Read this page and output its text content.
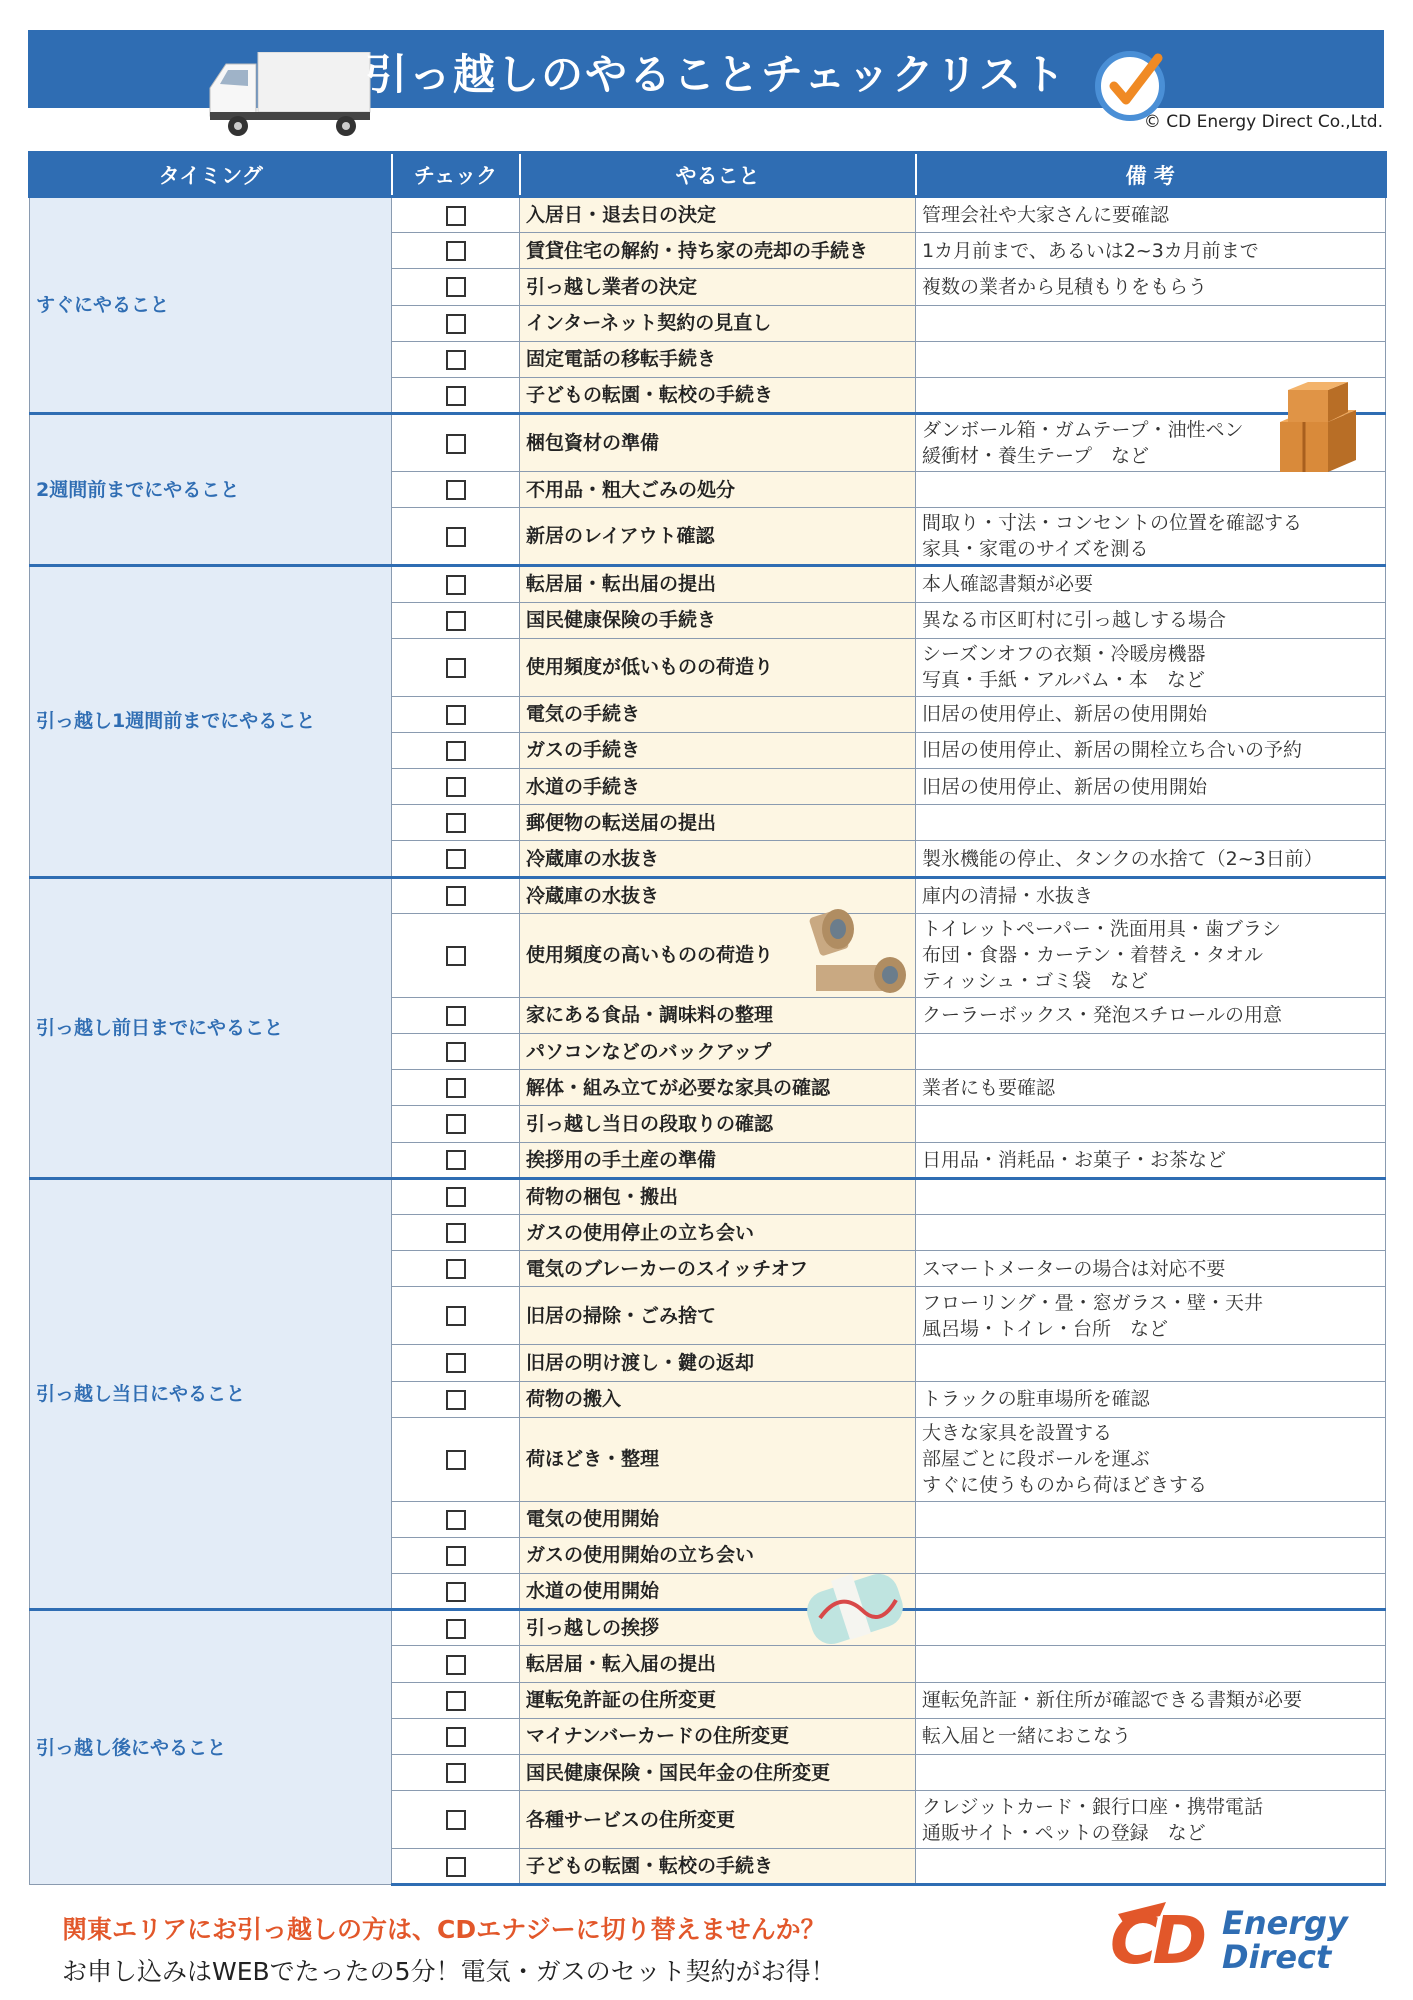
引っ越しのやることチェックリスト
© CD Energy Direct Co.,Ltd.
タイミング	チェック	やること	備 考
すぐにやること		入居日・退去日の決定	管理会社や大家さんに要確認
		賃貸住宅の解約・持ち家の売却の手続き	1カ月前まで、あるいは2~3カ月前まで
		引っ越し業者の決定	複数の業者から見積もりをもらう
		インターネット契約の見直し	
		固定電話の移転手続き	
		子どもの転園・転校の手続き	
2週間前までにやること		梱包資材の準備	ダンボール箱・ガムテープ・油性ペン
緩衝材・養生テープ　など
		不用品・粗大ごみの処分	
		新居のレイアウト確認	間取り・寸法・コンセントの位置を確認する
家具・家電のサイズを測る
引っ越し1週間前までにやること		転居届・転出届の提出	本人確認書類が必要
		国民健康保険の手続き	異なる市区町村に引っ越しする場合
		使用頻度が低いものの荷造り	シーズンオフの衣類・冷暖房機器
写真・手紙・アルバム・本　など
		電気の手続き	旧居の使用停止、新居の使用開始
		ガスの手続き	旧居の使用停止、新居の開栓立ち合いの予約
		水道の手続き	旧居の使用停止、新居の使用開始
		郵便物の転送届の提出	
		冷蔵庫の水抜き	製氷機能の停止、タンクの水捨て（2~3日前）
引っ越し前日までにやること		冷蔵庫の水抜き	庫内の清掃・水抜き
		使用頻度の高いものの荷造り	トイレットペーパー・洗面用具・歯ブラシ
布団・食器・カーテン・着替え・タオル
ティッシュ・ゴミ袋　など
		家にある食品・調味料の整理	クーラーボックス・発泡スチロールの用意
		パソコンなどのバックアップ	
		解体・組み立てが必要な家具の確認	業者にも要確認
		引っ越し当日の段取りの確認	
		挨拶用の手土産の準備	日用品・消耗品・お菓子・お茶など
引っ越し当日にやること		荷物の梱包・搬出	
		ガスの使用停止の立ち会い	
		電気のブレーカーのスイッチオフ	スマートメーターの場合は対応不要
		旧居の掃除・ごみ捨て	フローリング・畳・窓ガラス・壁・天井
風呂場・トイレ・台所　など
		旧居の明け渡し・鍵の返却	
		荷物の搬入	トラックの駐車場所を確認
		荷ほどき・整理	大きな家具を設置する
部屋ごとに段ボールを運ぶ
すぐに使うものから荷ほどきする
		電気の使用開始	
		ガスの使用開始の立ち会い	
		水道の使用開始	
引っ越し後にやること		引っ越しの挨拶	
		転居届・転入届の提出	
		運転免許証の住所変更	運転免許証・新住所が確認できる書類が必要
		マイナンバーカードの住所変更	転入届と一緒におこなう
		国民健康保険・国民年金の住所変更	
		各種サービスの住所変更	クレジットカード・銀行口座・携帯電話
通販サイト・ペットの登録　など
		子どもの転園・転校の手続き	
関東エリアにお引っ越しの方は、CDエナジーに切り替えませんか？
お申し込みはWEBでたったの5分！電気・ガスのセット契約がお得！	CD Energy
Direct
